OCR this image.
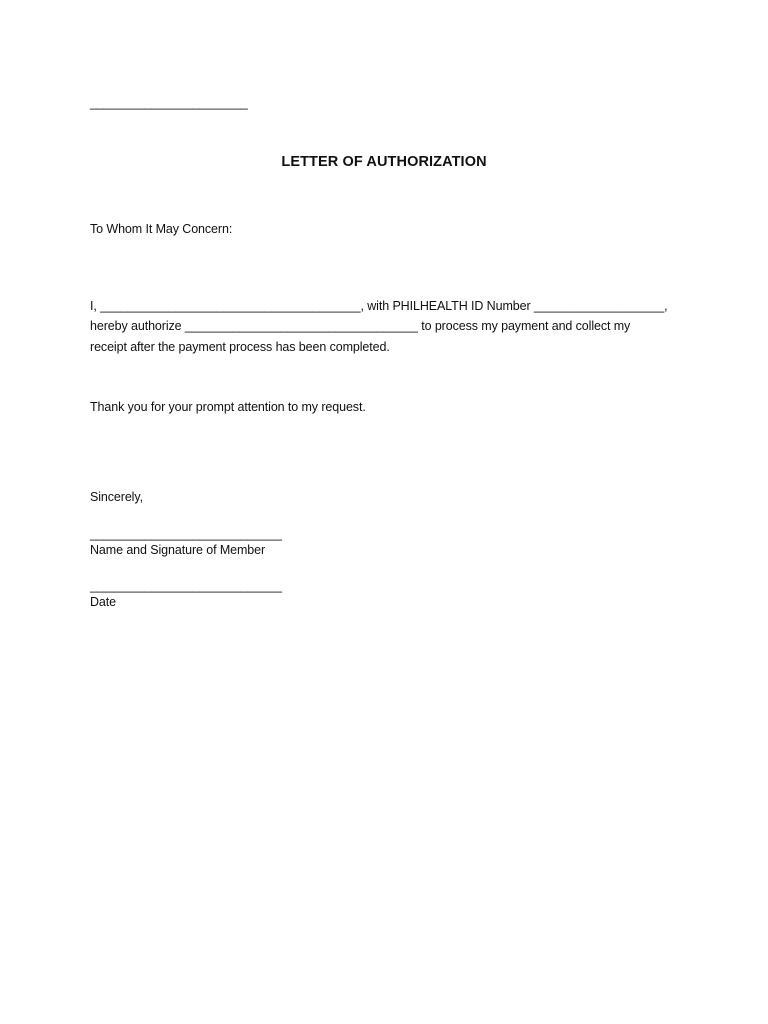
_______________________
LETTER OF AUTHORIZATION
To Whom It May Concern:
I, ______________________________________, with PHILHEALTH ID Number ___________________,
hereby authorize __________________________________ to process my payment and collect my
receipt after the payment process has been completed.
Thank you for your prompt attention to my request.
Sincerely,
____________________________
Name and Signature of Member
____________________________
Date
